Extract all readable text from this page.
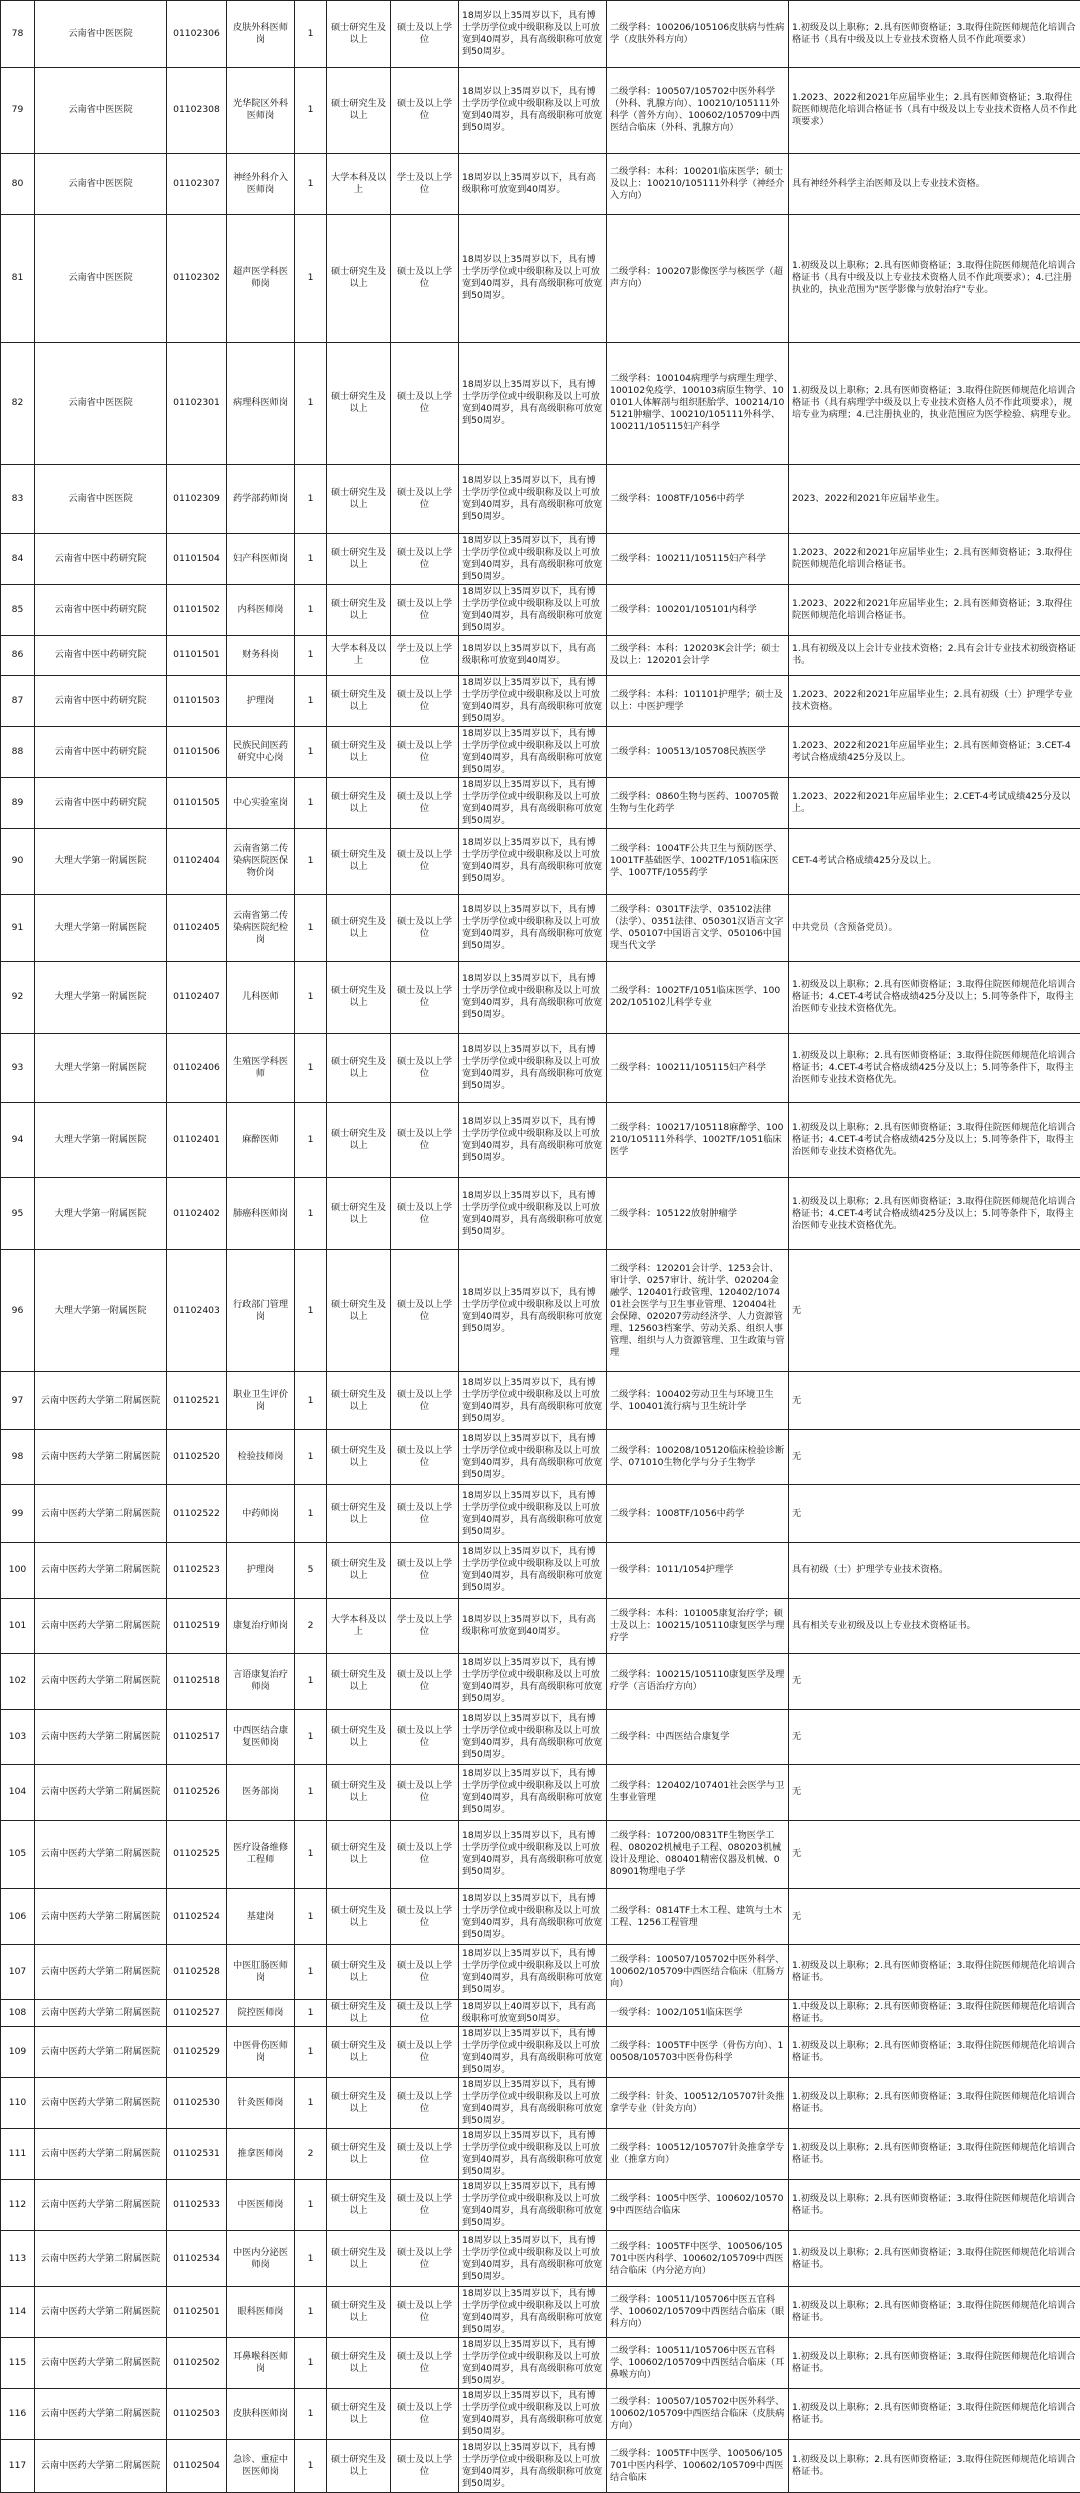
78	云南省中医医院	01102306	皮肤外科医师岗	1	硕士研究生及以上	硕士及以上学位	18周岁以上35周岁以下，具有博士学历学位或中级职称及以上可放宽到40周岁，具有高级职称可放宽到50周岁。	二级学科：100206/105106皮肤病与性病学（皮肤外科方向）	1.初级及以上职称；2.具有医师资格证；3.取得住院医师规范化培训合格证书（具有中级及以上专业技术资格人员不作此项要求）
79	云南省中医医院	01102308	光华院区外科医师岗	1	硕士研究生及以上	硕士及以上学位	18周岁以上35周岁以下，具有博士学历学位或中级职称及以上可放宽到40周岁，具有高级职称可放宽到50周岁。	二级学科：100507/105702中医外科学（外科、乳腺方向）、100210/105111外科学（普外方向）、100602/105709中西医结合临床（外科、乳腺方向）	1.2023、2022和2021年应届毕业生；2.具有医师资格证；3.取得住院医师规范化培训合格证书（具有中级及以上专业技术资格人员不作此项要求）
80	云南省中医医院	01102307	神经外科介入医师岗	1	大学本科及以上	学士及以上学位	18周岁以上35周岁以下，具有高级职称可放宽到40周岁。	二级学科：本科：100201临床医学；硕士及以上：100210/105111外科学（神经介入方向）	具有神经外科学主治医师及以上专业技术资格。
81	云南省中医医院	01102302	超声医学科医师岗	1	硕士研究生及以上	硕士及以上学位	18周岁以上35周岁以下，具有博士学历学位或中级职称及以上可放宽到40周岁，具有高级职称可放宽到50周岁。	二级学科：100207影像医学与核医学（超声方向）	1.初级及以上职称；2.具有医师资格证；3.取得住院医师规范化培训合格证书（具有中级及以上专业技术资格人员不作此项要求）；4.已注册执业的，执业范围为"医学影像与放射治疗"专业。
82	云南省中医医院	01102301	病理科医师岗	1	硕士研究生及以上	硕士及以上学位	18周岁以上35周岁以下，具有博士学历学位或中级职称及以上可放宽到40周岁，具有高级职称可放宽到50周岁。	二级学科：100104病理学与病理生理学、100102免疫学、100103病原生物学、100101人体解剖与组织胚胎学、100214/105121肿瘤学、100210/105111外科学、100211/105115妇产科学	1.初级及以上职称；2.具有医师资格证；3.取得住院医师规范化培训合格证书（具有病理学中级及以上专业技术资格人员不作此项要求），规培专业为病理；4.已注册执业的，执业范围应为医学检验、病理专业。
83	云南省中医医院	01102309	药学部药师岗	1	硕士研究生及以上	硕士及以上学位	18周岁以上35周岁以下，具有博士学历学位或中级职称及以上可放宽到40周岁，具有高级职称可放宽到50周岁。	二级学科：1008TF/1056中药学	2023、2022和2021年应届毕业生。
84	云南省中医中药研究院	01101504	妇产科医师岗	1	硕士研究生及以上	硕士及以上学位	18周岁以上35周岁以下，具有博士学历学位或中级职称及以上可放宽到40周岁，具有高级职称可放宽到50周岁。	二级学科：100211/105115妇产科学	1.2023、2022和2021年应届毕业生；2.具有医师资格证；3.取得住院医师规范化培训合格证书。
85	云南省中医中药研究院	01101502	内科医师岗	1	硕士研究生及以上	硕士及以上学位	18周岁以上35周岁以下，具有博士学历学位或中级职称及以上可放宽到40周岁，具有高级职称可放宽到50周岁。	二级学科：100201/105101内科学	1.2023、2022和2021年应届毕业生；2.具有医师资格证；3.取得住院医师规范化培训合格证书。
86	云南省中医中药研究院	01101501	财务科岗	1	大学本科及以上	学士及以上学位	18周岁以上35周岁以下，具有高级职称可放宽到40周岁。	二级学科：本科：120203K会计学；硕士及以上：120201会计学	1.具有初级及以上会计专业技术资格；2.具有会计专业技术初级资格证书。
87	云南省中医中药研究院	01101503	护理岗	1	硕士研究生及以上	硕士及以上学位	18周岁以上35周岁以下，具有博士学历学位或中级职称及以上可放宽到40周岁，具有高级职称可放宽到50周岁。	二级学科：本科：101101护理学；硕士及以上：中医护理学	1.2023、2022和2021年应届毕业生；2.具有初级（士）护理学专业技术资格。
88	云南省中医中药研究院	01101506	民族民间医药研究中心岗	1	硕士研究生及以上	硕士及以上学位	18周岁以上35周岁以下，具有博士学历学位或中级职称及以上可放宽到40周岁，具有高级职称可放宽到50周岁。	二级学科：100513/105708民族医学	1.2023、2022和2021年应届毕业生；2.具有医师资格证；3.CET-4考试合格成绩425分及以上。
89	云南省中医中药研究院	01101505	中心实验室岗	1	硕士研究生及以上	硕士及以上学位	18周岁以上35周岁以下，具有博士学历学位或中级职称及以上可放宽到40周岁，具有高级职称可放宽到50周岁。	二级学科：0860生物与医药、100705微生物与生化药学	1.2023、2022和2021年应届毕业生；2.CET-4考试成绩425分及以上。
90	大理大学第一附属医院	01102404	云南省第二传染病医院医保物价岗	1	硕士研究生及以上	硕士及以上学位	18周岁以上35周岁以下，具有博士学历学位或中级职称及以上可放宽到40周岁，具有高级职称可放宽到50周岁。	二级学科：1004TF公共卫生与预防医学、1001TF基础医学、1002TF/1051临床医学、1007TF/1055药学	CET-4考试合格成绩425分及以上。
91	大理大学第一附属医院	01102405	云南省第二传染病医院纪检岗	1	硕士研究生及以上	硕士及以上学位	18周岁以上35周岁以下，具有博士学历学位或中级职称及以上可放宽到40周岁，具有高级职称可放宽到50周岁。	二级学科：0301TF法学、035102法律（法学）、0351法律、050301汉语言文字学、050107中国语言文学、050106中国现当代文学	中共党员（含预备党员）。
92	大理大学第一附属医院	01102407	儿科医师	1	硕士研究生及以上	硕士及以上学位	18周岁以上35周岁以下，具有博士学历学位或中级职称及以上可放宽到40周岁，具有高级职称可放宽到50周岁。	二级学科：1002TF/1051临床医学、100202/105102儿科学专业	1.初级及以上职称；2.具有医师资格证；3.取得住院医师规范化培训合格证书；4.CET-4考试合格成绩425分及以上；5.同等条件下，取得主治医师专业技术资格优先。
93	大理大学第一附属医院	01102406	生殖医学科医师	1	硕士研究生及以上	硕士及以上学位	18周岁以上35周岁以下，具有博士学历学位或中级职称及以上可放宽到40周岁，具有高级职称可放宽到50周岁。	二级学科：100211/105115妇产科学	1.初级及以上职称；2.具有医师资格证；3.取得住院医师规范化培训合格证书；4.CET-4考试合格成绩425分及以上；5.同等条件下，取得主治医师专业技术资格优先。
94	大理大学第一附属医院	01102401	麻醉医师	1	硕士研究生及以上	硕士及以上学位	18周岁以上35周岁以下，具有博士学历学位或中级职称及以上可放宽到40周岁，具有高级职称可放宽到50周岁。	二级学科：100217/105118麻醉学、100210/105111外科学、1002TF/1051临床医学	1.初级及以上职称；2.具有医师资格证；3.取得住院医师规范化培训合格证书；4.CET-4考试合格成绩425分及以上；5.同等条件下，取得主治医师专业技术资格优先。
95	大理大学第一附属医院	01102402	肺癌科医师岗	1	硕士研究生及以上	硕士及以上学位	18周岁以上35周岁以下，具有博士学历学位或中级职称及以上可放宽到40周岁，具有高级职称可放宽到50周岁。	二级学科：105122放射肿瘤学	1.初级及以上职称；2.具有医师资格证；3.取得住院医师规范化培训合格证书；4.CET-4考试合格成绩425分及以上；5.同等条件下，取得主治医师专业技术资格优先。
96	大理大学第一附属医院	01102403	行政部门管理岗	1	硕士研究生及以上	硕士及以上学位	18周岁以上35周岁以下，具有博士学历学位或中级职称及以上可放宽到40周岁，具有高级职称可放宽到50周岁。	二级学科：120201会计学、1253会计、审计学、0257审计、统计学、020204金融学、120401行政管理、120402/107401社会医学与卫生事业管理、120404社会保障、020207劳动经济学、人力资源管理、125603档案学、劳动关系、组织人事管理、组织与人力资源管理、卫生政策与管理	无
97	云南中医药大学第二附属医院	01102521	职业卫生评价岗	1	硕士研究生及以上	硕士及以上学位	18周岁以上35周岁以下，具有博士学历学位或中级职称及以上可放宽到40周岁，具有高级职称可放宽到50周岁。	二级学科：100402劳动卫生与环境卫生学、100401流行病与卫生统计学	无
98	云南中医药大学第二附属医院	01102520	检验技师岗	1	硕士研究生及以上	硕士及以上学位	18周岁以上35周岁以下，具有博士学历学位或中级职称及以上可放宽到40周岁，具有高级职称可放宽到50周岁。	二级学科：100208/105120临床检验诊断学、071010生物化学与分子生物学	无
99	云南中医药大学第二附属医院	01102522	中药师岗	1	硕士研究生及以上	硕士及以上学位	18周岁以上35周岁以下，具有博士学历学位或中级职称及以上可放宽到40周岁，具有高级职称可放宽到50周岁。	二级学科：1008TF/1056中药学	无
100	云南中医药大学第二附属医院	01102523	护理岗	5	硕士研究生及以上	硕士及以上学位	18周岁以上35周岁以下，具有博士学历学位或中级职称及以上可放宽到40周岁，具有高级职称可放宽到50周岁。	一级学科：1011/1054护理学	具有初级（士）护理学专业技术资格。
101	云南中医药大学第二附属医院	01102519	康复治疗师岗	2	大学本科及以上	学士及以上学位	18周岁以上35周岁以下，具有高级职称可放宽到40周岁。	二级学科：本科：101005康复治疗学；硕士及以上：100215/105110康复医学与理疗学	具有相关专业初级及以上专业技术资格证书。
102	云南中医药大学第二附属医院	01102518	言语康复治疗师岗	1	硕士研究生及以上	硕士及以上学位	18周岁以上35周岁以下，具有博士学历学位或中级职称及以上可放宽到40周岁，具有高级职称可放宽到50周岁。	二级学科：100215/105110康复医学及理疗学（言语治疗方向）	无
103	云南中医药大学第二附属医院	01102517	中西医结合康复医师岗	1	硕士研究生及以上	硕士及以上学位	18周岁以上35周岁以下，具有博士学历学位或中级职称及以上可放宽到40周岁，具有高级职称可放宽到50周岁。	二级学科：中西医结合康复学	无
104	云南中医药大学第二附属医院	01102526	医务部岗	1	硕士研究生及以上	硕士及以上学位	18周岁以上35周岁以下，具有博士学历学位或中级职称及以上可放宽到40周岁，具有高级职称可放宽到50周岁。	二级学科：120402/107401社会医学与卫生事业管理	无
105	云南中医药大学第二附属医院	01102525	医疗设备维修工程师	1	硕士研究生及以上	硕士及以上学位	18周岁以上35周岁以下，具有博士学历学位或中级职称及以上可放宽到40周岁，具有高级职称可放宽到50周岁。	二级学科：107200/0831TF生物医学工程、080202机械电子工程、080203机械设计及理论、080401精密仪器及机械、080901物理电子学	无
106	云南中医药大学第二附属医院	01102524	基建岗	1	硕士研究生及以上	硕士及以上学位	18周岁以上35周岁以下，具有博士学历学位或中级职称及以上可放宽到40周岁，具有高级职称可放宽到50周岁。	二级学科：0814TF土木工程、建筑与土木工程、1256工程管理	无
107	云南中医药大学第二附属医院	01102528	中医肛肠医师岗	1	硕士研究生及以上	硕士及以上学位	18周岁以上35周岁以下，具有博士学历学位或中级职称及以上可放宽到40周岁，具有高级职称可放宽到50周岁。	二级学科：100507/105702中医外科学、100602/105709中西医结合临床（肛肠方向）	1.初级及以上职称；2.具有医师资格证；3.取得住院医师规范化培训合格证书。
108	云南中医药大学第二附属医院	01102527	院控医师岗	1	硕士研究生及以上	硕士及以上学位	18周岁以上40周岁以下，具有高级职称可放宽到50周岁。	一级学科：1002/1051临床医学	1.中级及以上职称；2.具有医师资格证；3.取得住院医师规范化培训合格证书。
109	云南中医药大学第二附属医院	01102529	中医骨伤医师岗	1	硕士研究生及以上	硕士及以上学位	18周岁以上35周岁以下，具有博士学历学位或中级职称及以上可放宽到40周岁，具有高级职称可放宽到50周岁。	二级学科：1005TF中医学（骨伤方向）、100508/105703中医骨伤科学	1.初级及以上职称；2.具有医师资格证；3.取得住院医师规范化培训合格证书。
110	云南中医药大学第二附属医院	01102530	针灸医师岗	1	硕士研究生及以上	硕士及以上学位	18周岁以上35周岁以下，具有博士学历学位或中级职称及以上可放宽到40周岁，具有高级职称可放宽到50周岁。	二级学科：针灸、100512/105707针灸推拿学专业（针灸方向）	1.初级及以上职称；2.具有医师资格证；3.取得住院医师规范化培训合格证书。
111	云南中医药大学第二附属医院	01102531	推拿医师岗	2	硕士研究生及以上	硕士及以上学位	18周岁以上35周岁以下，具有博士学历学位或中级职称及以上可放宽到40周岁，具有高级职称可放宽到50周岁。	二级学科：100512/105707针灸推拿学专业（推拿方向）	1.初级及以上职称；2.具有医师资格证；3.取得住院医师规范化培训合格证书。
112	云南中医药大学第二附属医院	01102533	中医医师岗	1	硕士研究生及以上	硕士及以上学位	18周岁以上35周岁以下，具有博士学历学位或中级职称及以上可放宽到40周岁，具有高级职称可放宽到50周岁。	二级学科：1005中医学、100602/105709中西医结合临床	1.初级及以上职称；2.具有医师资格证；3.取得住院医师规范化培训合格证书。
113	云南中医药大学第二附属医院	01102534	中医内分泌医师岗	1	硕士研究生及以上	硕士及以上学位	18周岁以上35周岁以下，具有博士学历学位或中级职称及以上可放宽到40周岁，具有高级职称可放宽到50周岁。	二级学科：1005TF中医学、100506/105701中医内科学、100602/105709中西医结合临床（内分泌方向）	1.初级及以上职称；2.具有医师资格证；3.取得住院医师规范化培训合格证书。
114	云南中医药大学第二附属医院	01102501	眼科医师岗	1	硕士研究生及以上	硕士及以上学位	18周岁以上35周岁以下，具有博士学历学位或中级职称及以上可放宽到40周岁，具有高级职称可放宽到50周岁。	二级学科：100511/105706中医五官科学、100602/105709中西医结合临床（眼科方向）	1.初级及以上职称；2.具有医师资格证；3.取得住院医师规范化培训合格证书。
115	云南中医药大学第二附属医院	01102502	耳鼻喉科医师岗	1	硕士研究生及以上	硕士及以上学位	18周岁以上35周岁以下，具有博士学历学位或中级职称及以上可放宽到40周岁，具有高级职称可放宽到50周岁。	二级学科：100511/105706中医五官科学、100602/105709中西医结合临床（耳鼻喉方向）	1.初级及以上职称；2.具有医师资格证；3.取得住院医师规范化培训合格证书。
116	云南中医药大学第二附属医院	01102503	皮肤科医师岗	1	硕士研究生及以上	硕士及以上学位	18周岁以上35周岁以下，具有博士学历学位或中级职称及以上可放宽到40周岁，具有高级职称可放宽到50周岁。	二级学科：100507/105702中医外科学、100602/105709中西医结合临床（皮肤病方向）	1.初级及以上职称；2.具有医师资格证；3.取得住院医师规范化培训合格证书。
117	云南中医药大学第二附属医院	01102504	急诊、重症中医医师岗	1	硕士研究生及以上	硕士及以上学位	18周岁以上35周岁以下，具有博士学历学位或中级职称及以上可放宽到40周岁，具有高级职称可放宽到50周岁。	二级学科：1005TF中医学、100506/105701中医内科学、100602/105709中西医结合临床	1.初级及以上职称；2.具有医师资格证；3.取得住院医师规范化培训合格证书。
